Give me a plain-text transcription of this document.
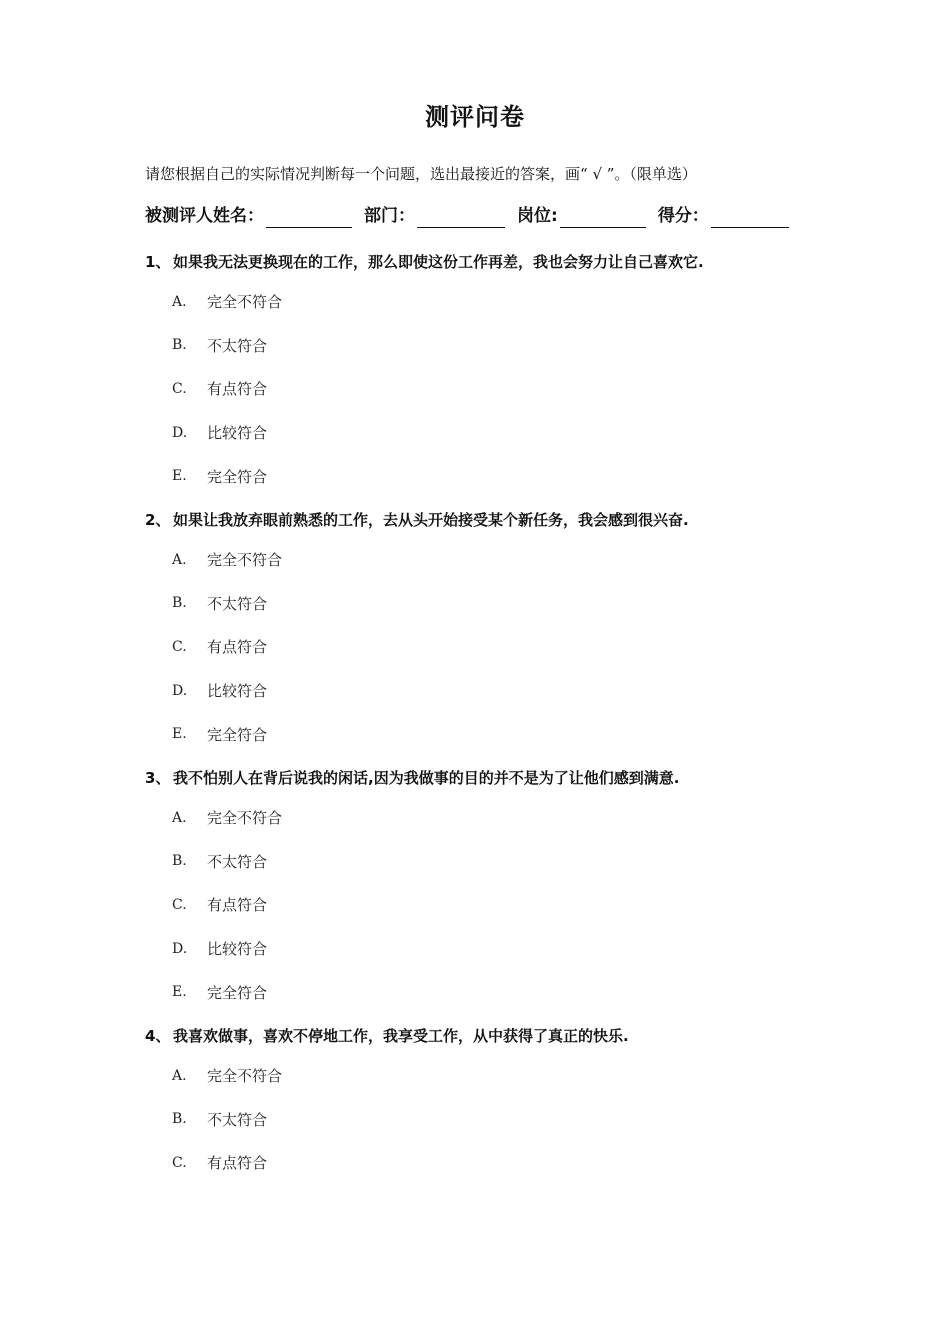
测评问卷
请您根据自己的实际情况判断每一个问题，选出最接近的答案，画“ √ ”。（限单选）
被测评人姓名：	部门：	岗位:	得分：
1、 如果我无法更换现在的工作，那么即使这份工作再差，我也会努力让自己喜欢它.
A.	完全不符合
B.	不太符合
C.	有点符合
D.	比较符合
E.	完全符合
2、 如果让我放弃眼前熟悉的工作，去从头开始接受某个新任务，我会感到很兴奋.
A.	完全不符合
B.	不太符合
C.	有点符合
D.	比较符合
E.	完全符合
3、 我不怕别人在背后说我的闲话,因为我做事的目的并不是为了让他们感到满意.
A.	完全不符合
B.	不太符合
C.	有点符合
D.	比较符合
E.	完全符合
4、 我喜欢做事，喜欢不停地工作，我享受工作，从中获得了真正的快乐.
A.	完全不符合
B.	不太符合
C.	有点符合
